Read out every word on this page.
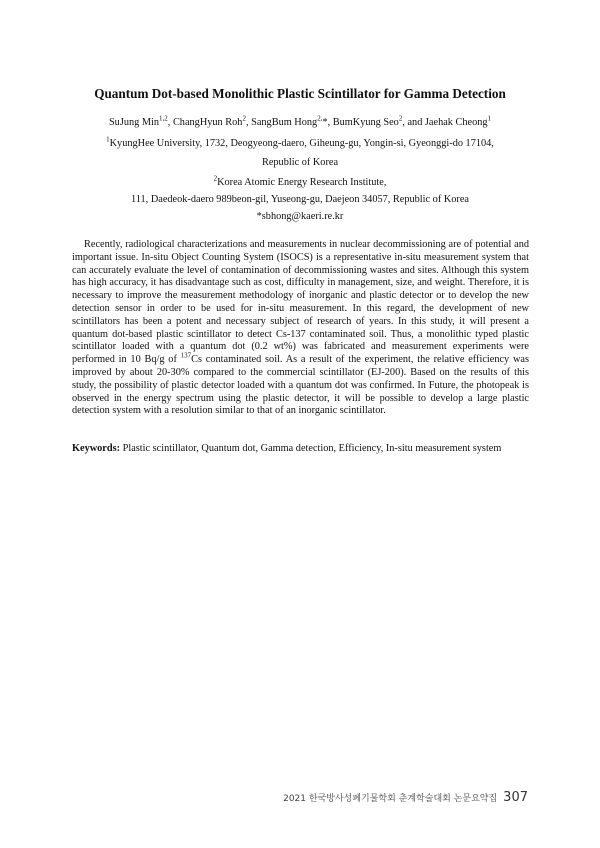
Quantum Dot-based Monolithic Plastic Scintillator for Gamma Detection
SuJung Min$^{1,2}$, ChangHyun Roh$^2$, SangBum Hong$^{2,}$*, BumKyung Seo$^2$, and Jaehak Cheong$^1$
$^1$KyungHee University, 1732, Deogyeong-daero, Giheung-gu, Yongin-si, Gyeonggi-do 17104,
Republic of Korea
$^2$Korea Atomic Energy Research Institute,
111, Daedeok-daero 989beon-gil, Yuseong-gu, Daejeon 34057, Republic of Korea
*sbhong@kaeri.re.kr

Recently, radiological characterizations and measurements in nuclear decommissioning are of potential and important issue. In-situ Object Counting System (ISOCS) is a representative in-situ measurement system that can accurately evaluate the level of contamination of decommissioning wastes and sites. Although this system has high accuracy, it has disadvantage such as cost, difficulty in management, size, and weight. Therefore, it is necessary to improve the measurement methodology of inorganic and plastic detector or to develop the new detection sensor in order to be used for in-situ measurement. In this regard, the development of new scintillators has been a potent and necessary subject of research of years. In this study, it will present a quantum dot-based plastic scintillator to detect Cs-137 contaminated soil. Thus, a monolithic typed plastic scintillator loaded with a quantum dot (0.2 wt%) was fabricated and measurement experiments were performed in 10 Bq/g of $^{137}$Cs contaminated soil. As a result of the experiment, the relative efficiency was improved by about 20-30% compared to the commercial scintillator (EJ-200). Based on the results of this study, the possibility of plastic detector loaded with a quantum dot was confirmed. In Future, the photopeak is observed in the energy spectrum using the plastic detector, it will be possible to develop a large plastic detection system with a resolution similar to that of an inorganic scintillator.

Keywords: Plastic scintillator, Quantum dot, Gamma detection, Efficiency, In-situ measurement system

2021 한국방사성폐기물학회 춘계학술대회 논문요약집 307
